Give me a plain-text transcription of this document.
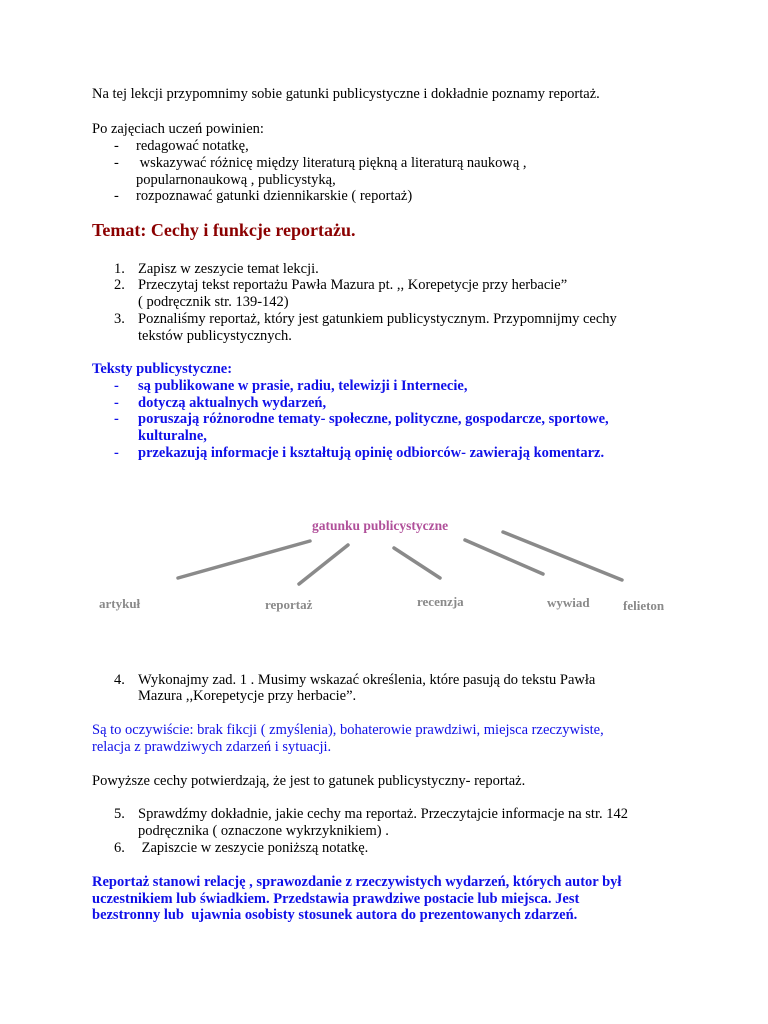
Na tej lekcji przypomnimy sobie gatunki publicystyczne i dokładnie poznamy reportaż.
Po zajęciach uczeń powinien:
- redagować notatkę,
- wskazywać różnicę między literaturą piękną a literaturą naukową ,
popularnonaukową , publicystyką,
- rozpoznawać gatunki dziennikarskie ( reportaż)
Temat: Cechy i funkcje reportażu.
1. Zapisz w zeszycie temat lekcji.
2. Przeczytaj tekst reportażu Pawła Mazura pt. ,, Korepetycje przy herbacie”
( podręcznik str. 139-142)
3. Poznaliśmy reportaż, który jest gatunkiem publicystycznym. Przypomnijmy cechy
tekstów publicystycznych.
Teksty publicystyczne:
- są publikowane w prasie, radiu, telewizji i Internecie,
- dotyczą aktualnych wydarzeń,
- poruszają różnorodne tematy- społeczne, polityczne, gospodarcze, sportowe,
kulturalne,
- przekazują informacje i kształtują opinię odbiorców- zawierają komentarz.
gatunku publicystyczne
artykuł	reportaż	recenzja	wywiad	felieton
4. Wykonajmy zad. 1 . Musimy wskazać określenia, które pasują do tekstu Pawła
Mazura ,,Korepetycje przy herbacie”.
Są to oczywiście: brak fikcji ( zmyślenia), bohaterowie prawdziwi, miejsca rzeczywiste,
relacja z prawdziwych zdarzeń i sytuacji.
Powyższe cechy potwierdzają, że jest to gatunek publicystyczny- reportaż.
5. Sprawdźmy dokładnie, jakie cechy ma reportaż. Przeczytajcie informacje na str. 142
podręcznika ( oznaczone wykrzyknikiem) .
6. Zapiszcie w zeszycie poniższą notatkę.
Reportaż stanowi relację , sprawozdanie z rzeczywistych wydarzeń, których autor był
uczestnikiem lub świadkiem. Przedstawia prawdziwe postacie lub miejsca. Jest
bezstronny lub  ujawnia osobisty stosunek autora do prezentowanych zdarzeń.
